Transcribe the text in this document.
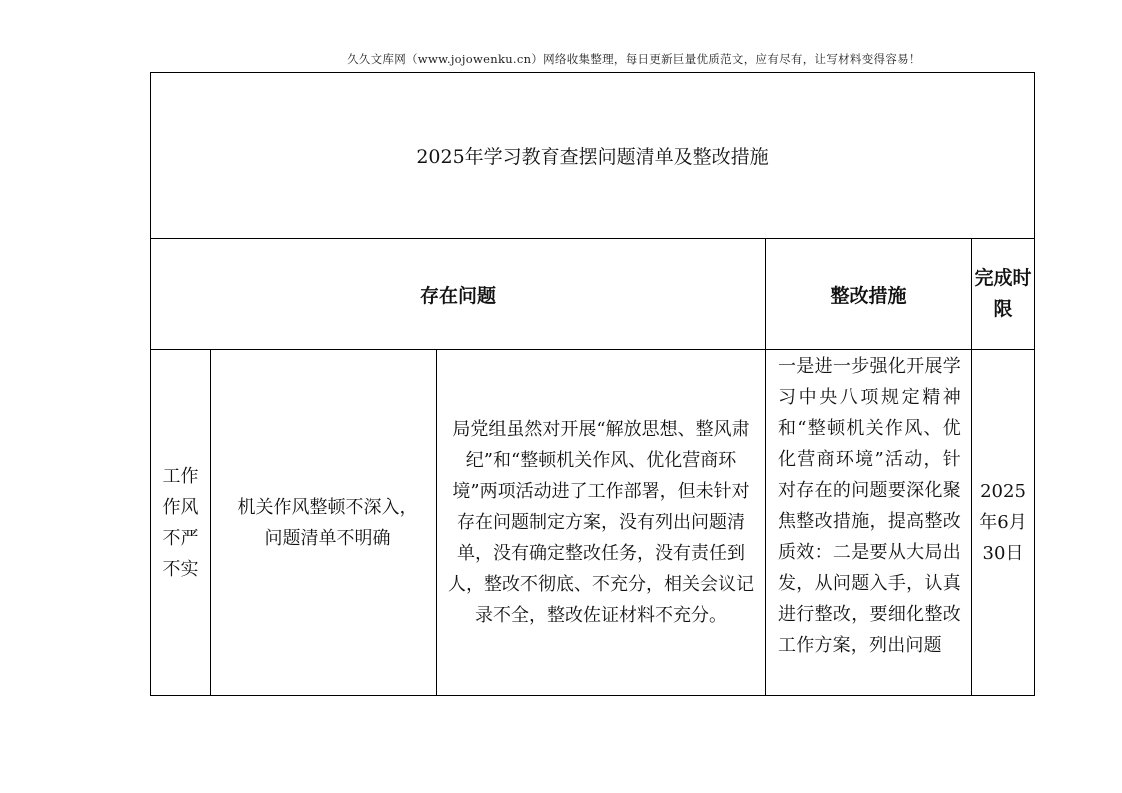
久久文库网（www.jojowenku.cn）网络收集整理，每日更新巨量优质范文，应有尽有，让写材料变得容易！
2025年学习教育查摆问题清单及整改措施				
存在问题			整改措施	完成时限
工作作风不严不实	机关作风整顿不深入，问题清单不明确	局党组虽然对开展“解放思想、整风肃纪”和“整顿机关作风、优化营商环境”两项活动进了工作部署，但未针对存在问题制定方案，没有列出问题清单，没有确定整改任务，没有责任到人，整改不彻底、不充分，相关会议记录不全，整改佐证材料不充分。	一是进一步强化开展学习中央八项规定精神和“整顿机关作风、优化营商环境”活动，针对存在的问题要深化聚焦整改措施，提高整改质效：二是要从大局出发，从问题入手，认真进行整改，要细化整改工作方案，列出问题	2025年6月30日
